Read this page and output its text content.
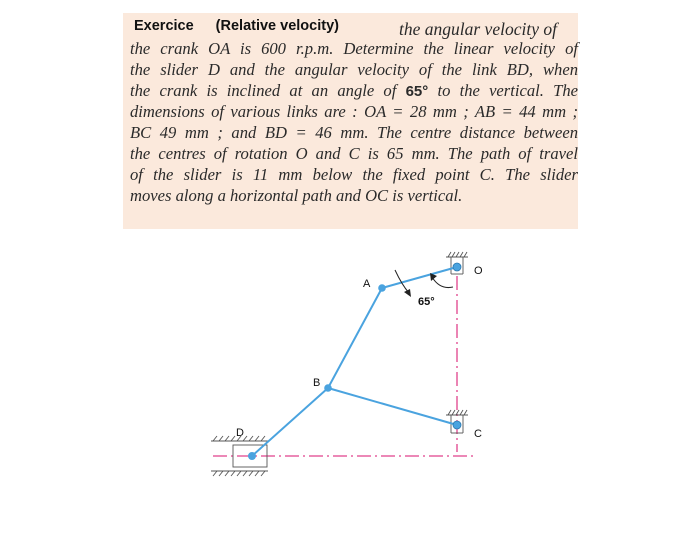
Exercice (Relative velocity)	the angular velocity of
the crank OA is 600 r.p.m. Determine the linear velocity of
the slider D and the angular velocity of the link BD, when
the crank is inclined at an angle of 65° to the vertical. The
dimensions of various links are : OA = 28 mm ; AB = 44 mm ;
BC 49 mm ; and BD = 46 mm. The centre distance between
the centres of rotation O and C is 65 mm. The path of travel
of the slider is 11 mm below the fixed point C. The slider
moves along a horizontal path and OC is vertical.
A
B
C
D
O
65°
